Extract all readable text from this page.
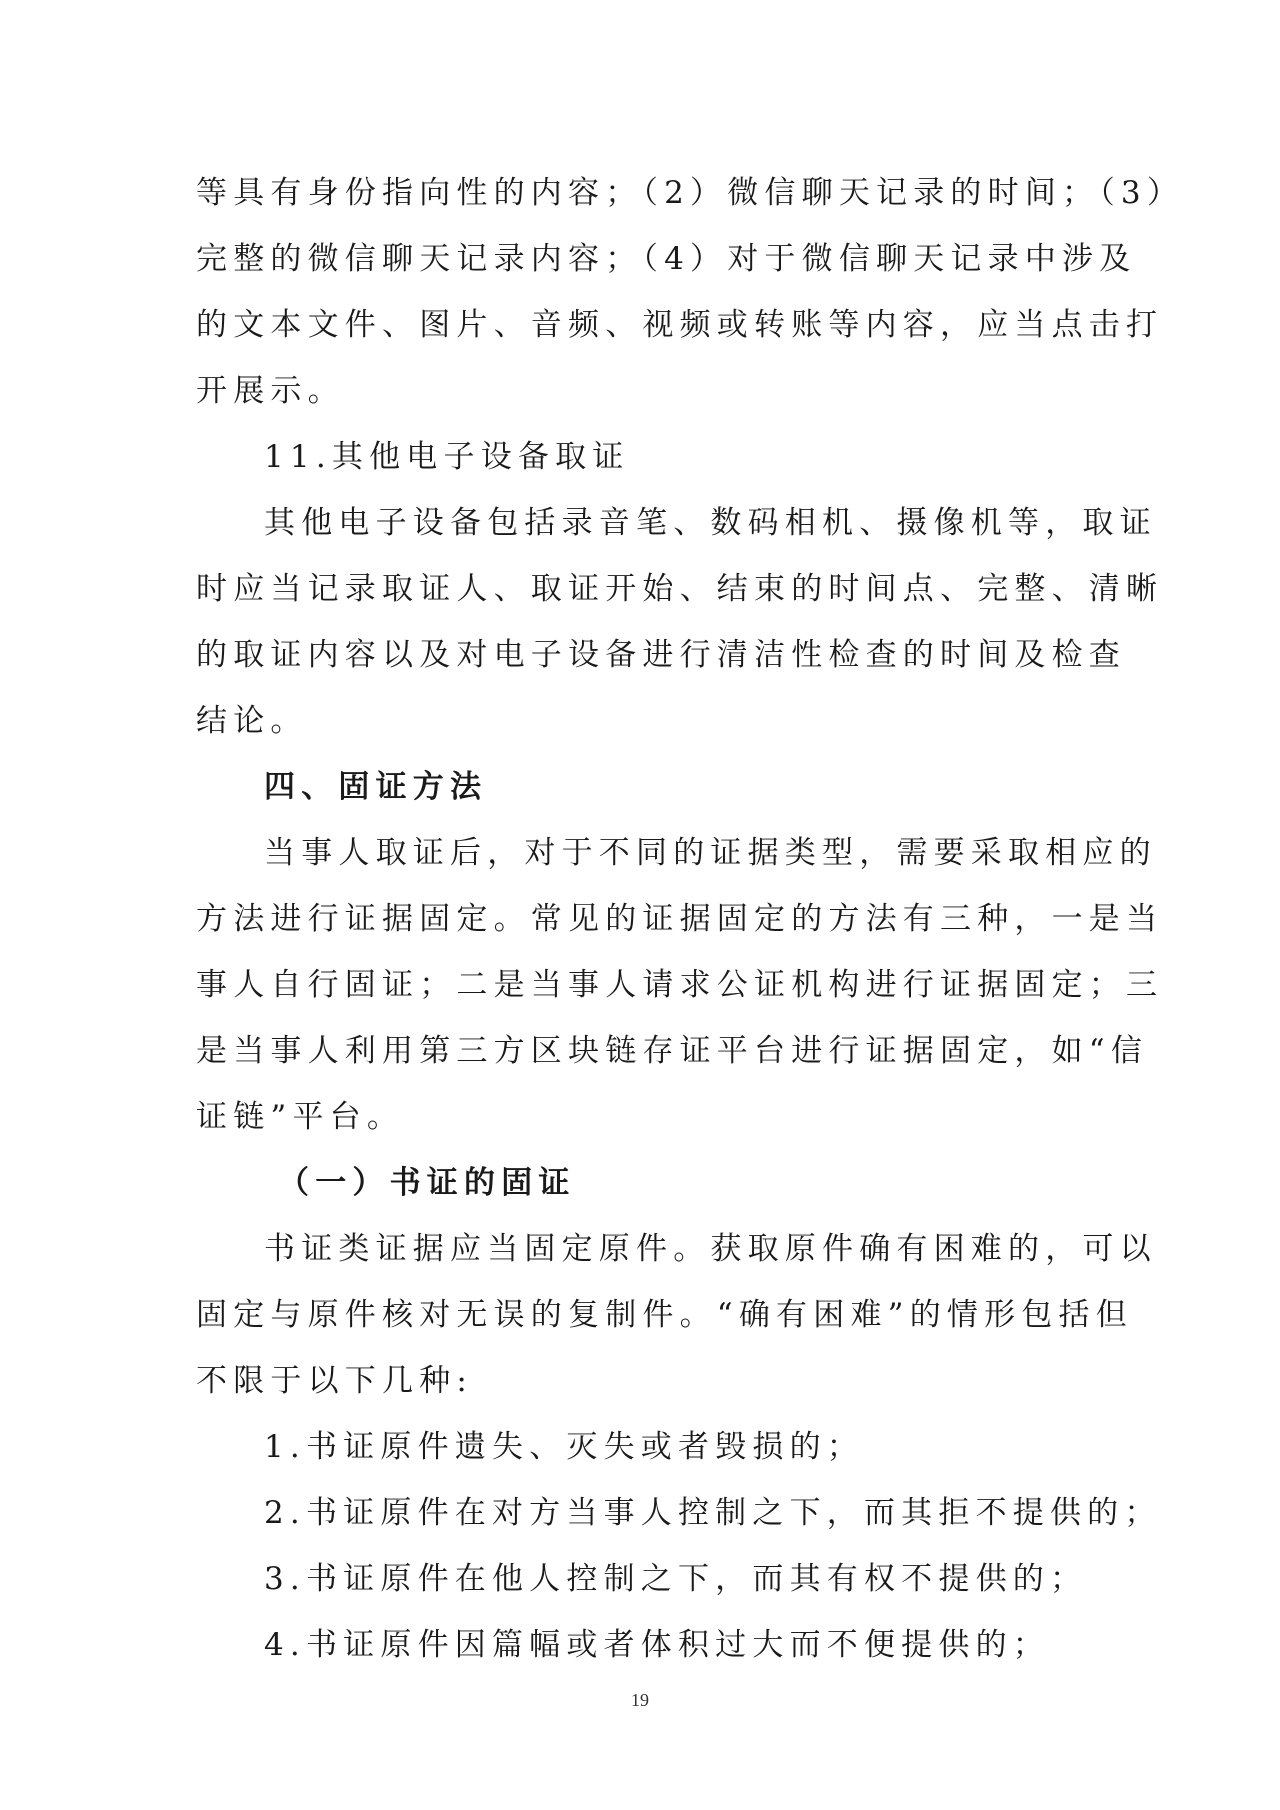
等具有身份指向性的内容；（2）微信聊天记录的时间；（3）

完整的微信聊天记录内容；（4）对于微信聊天记录中涉及

的文本文件、图片、音频、视频或转账等内容，应当点击打

开展示。

11.其他电子设备取证

其他电子设备包括录音笔、数码相机、摄像机等，取证

时应当记录取证人、取证开始、结束的时间点、完整、清晰

的取证内容以及对电子设备进行清洁性检查的时间及检查

结论。

四、固证方法

当事人取证后，对于不同的证据类型，需要采取相应的

方法进行证据固定。常见的证据固定的方法有三种，一是当

事人自行固证；二是当事人请求公证机构进行证据固定；三

是当事人利用第三方区块链存证平台进行证据固定，如“信

证链”平台。

（一）书证的固证

书证类证据应当固定原件。获取原件确有困难的，可以

固定与原件核对无误的复制件。“确有困难”的情形包括但

不限于以下几种:

1.书证原件遗失、灭失或者毁损的；

2.书证原件在对方当事人控制之下，而其拒不提供的；

3.书证原件在他人控制之下，而其有权不提供的；

4.书证原件因篇幅或者体积过大而不便提供的；

19
